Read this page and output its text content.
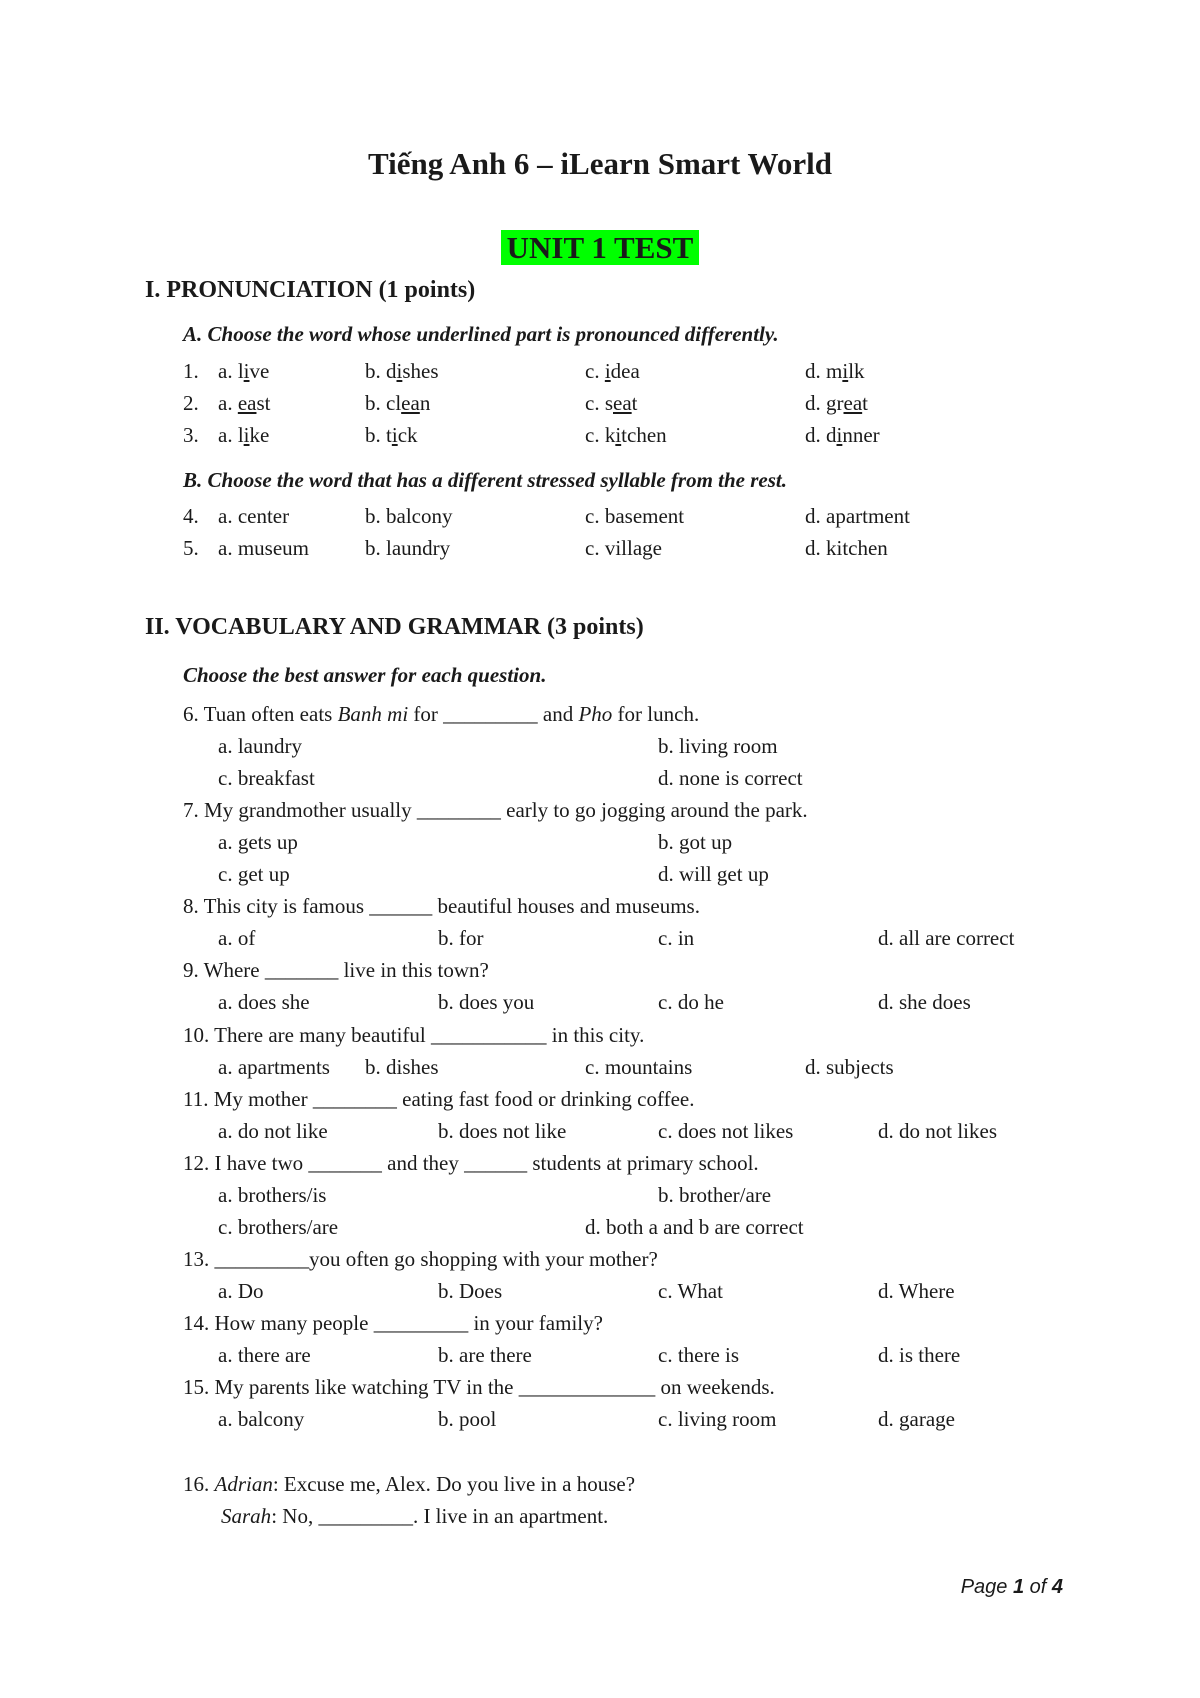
Tiếng Anh 6 – iLearn Smart World
UNIT 1 TEST
I. PRONUNCIATION (1 points)
A. Choose the word whose underlined part is pronounced differently.
1. a. live	b. dishes	c. idea	d. milk
2. a. east	b. clean	c. seat	d. great
3. a. like	b. tick	c. kitchen	d. dinner
B. Choose the word that has a different stressed syllable from the rest.
4. a. center	b. balcony	c. basement	d. apartment
5. a. museum	b. laundry	c. village	d. kitchen
II. VOCABULARY AND GRAMMAR (3 points)
Choose the best answer for each question.
6. Tuan often eats Banh mi for _________ and Pho for lunch.
a. laundry	b. living room
c. breakfast	d. none is correct
7. My grandmother usually ________ early to go jogging around the park.
a. gets up	b. got up
c. get up	d. will get up
8. This city is famous ______ beautiful houses and museums.
a. of	b. for	c. in	d. all are correct
9. Where _______ live in this town?
a. does she	b. does you	c. do he	d. she does
10. There are many beautiful ___________ in this city.
a. apartments b. dishes	c. mountains	d. subjects
11. My mother ________ eating fast food or drinking coffee.
a. do not like	b. does not like	c. does not likes	d. do not likes
12. I have two _______ and they ______ students at primary school.
a. brothers/is	b. brother/are
c. brothers/are	d. both a and b are correct
13. _________you often go shopping with your mother?
a. Do	b. Does	c. What	d. Where
14. How many people _________ in your family?
a. there are	b. are there	c. there is	d. is there
15. My parents like watching TV in the _____________ on weekends.
a. balcony	b. pool	c. living room	d. garage
16. Adrian: Excuse me, Alex. Do you live in a house?
Sarah: No, _________. I live in an apartment.
Page 1 of 4
